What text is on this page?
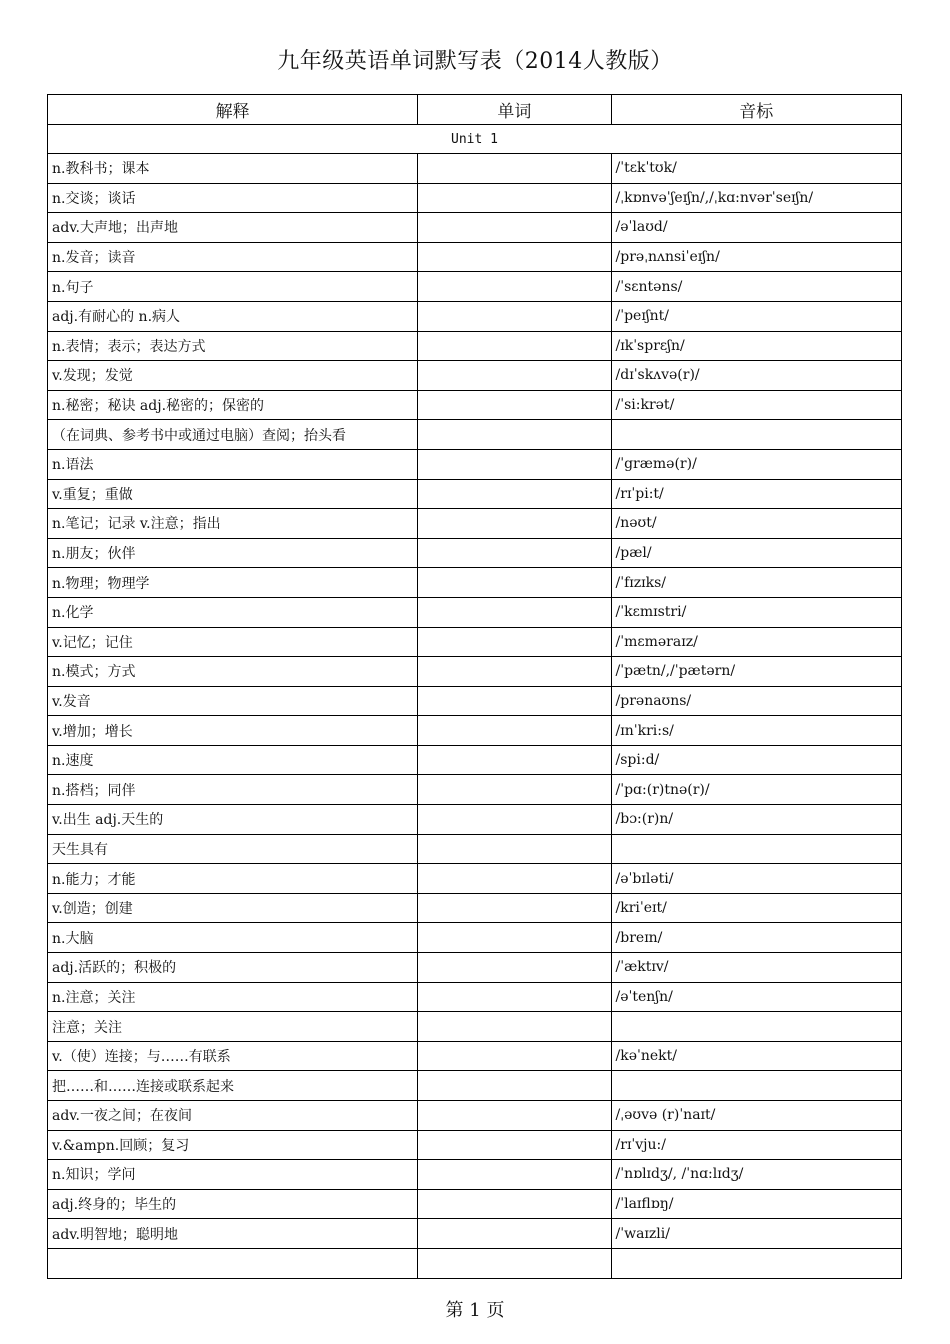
九年级英语单词默写表（2014人教版）
解释	单词	音标
Unit 1		
n.教科书；课本		/ˈtɛkˈtʊk/
n.交谈；谈话		/ˌkɒnvəˈʃeɪʃn/,/ˌkɑ:nvərˈseɪʃn/
adv.大声地；出声地		/əˈlaʊd/
n.发音；读音		/prəˌnʌnsiˈeɪʃn/
n.句子		/ˈsɛntəns/
adj.有耐心的 n.病人		/ˈpeɪʃnt/
n.表情；表示；表达方式		/ɪkˈsprɛʃn/
v.发现；发觉		/dɪˈskʌvə(r)/
n.秘密；秘诀 adj.秘密的；保密的		/ˈsi:krət/
（在词典、参考书中或通过电脑）查阅；抬头看		
n.语法		/ˈgræmə(r)/
v.重复；重做		/rɪˈpi:t/
n.笔记；记录 v.注意；指出		/nəʊt/
n.朋友；伙伴		/pæl/
n.物理；物理学		/ˈfɪzɪks/
n.化学		/ˈkɛmɪstri/
v.记忆；记住		/ˈmɛməraɪz/
n.模式；方式		/ˈpætn/,/ˈpætərn/
v.发音		/prənaʊns/
v.增加；增长		/ɪnˈkri:s/
n.速度		/spi:d/
n.搭档；同伴		/ˈpɑ:(r)tnə(r)/
v.出生 adj.天生的		/bɔ:(r)n/
天生具有		
n.能力；才能		/əˈbɪləti/
v.创造；创建		/kriˈeɪt/
n.大脑		/breɪn/
adj.活跃的；积极的		/ˈæktɪv/
n.注意；关注		/əˈtenʃn/
注意；关注		
v.（使）连接；与……有联系		/kəˈnekt/
把……和……连接或联系起来		
adv.一夜之间；在夜间		/ˌəʊvə (r)ˈnaɪt/
v.&ampn.回顾；复习		/rɪˈvju:/
n.知识；学问		/ˈnɒlɪdʒ/, /ˈnɑ:lɪdʒ/
adj.终身的；毕生的		/ˈlaɪflɒŋ/
adv.明智地；聪明地		/ˈwaɪzli/

第 1 页
